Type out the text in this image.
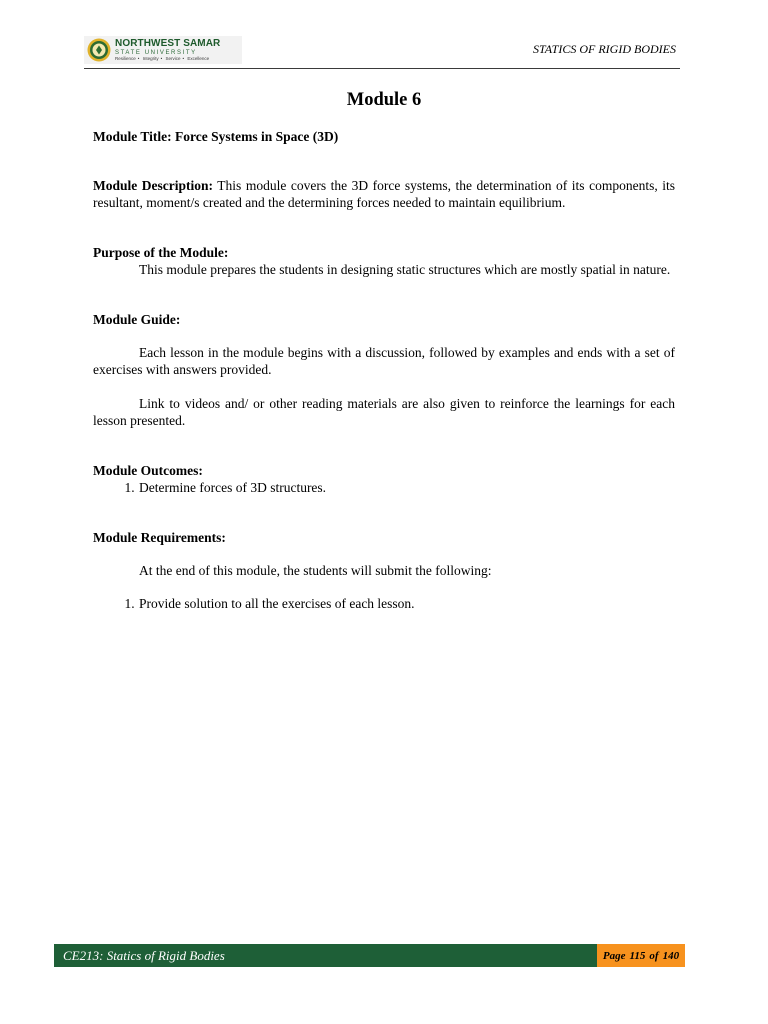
NORTHWEST SAMAR
STATE UNIVERSITY
Resilience • Integrity • Service • Excellence
STATICS OF RIGID BODIES
Module 6

Module Title: Force Systems in Space (3D)

Module Description: This module covers the 3D force systems, the determination of its components, its resultant, moment/s created and the determining forces needed to maintain equilibrium.

Purpose of the Module:

This module prepares the students in designing static structures which are mostly spatial in nature.

Module Guide:

Each lesson in the module begins with a discussion, followed by examples and ends with a set of exercises with answers provided.

Link to videos and/ or other reading materials are also given to reinforce the learnings for each lesson presented.

Module Outcomes:

1. Determine forces of 3D structures.

Module Requirements:

At the end of this module, the students will submit the following:

1. Provide solution to all the exercises of each lesson.
CE213: Statics of Rigid Bodies	Page 115 of 140
